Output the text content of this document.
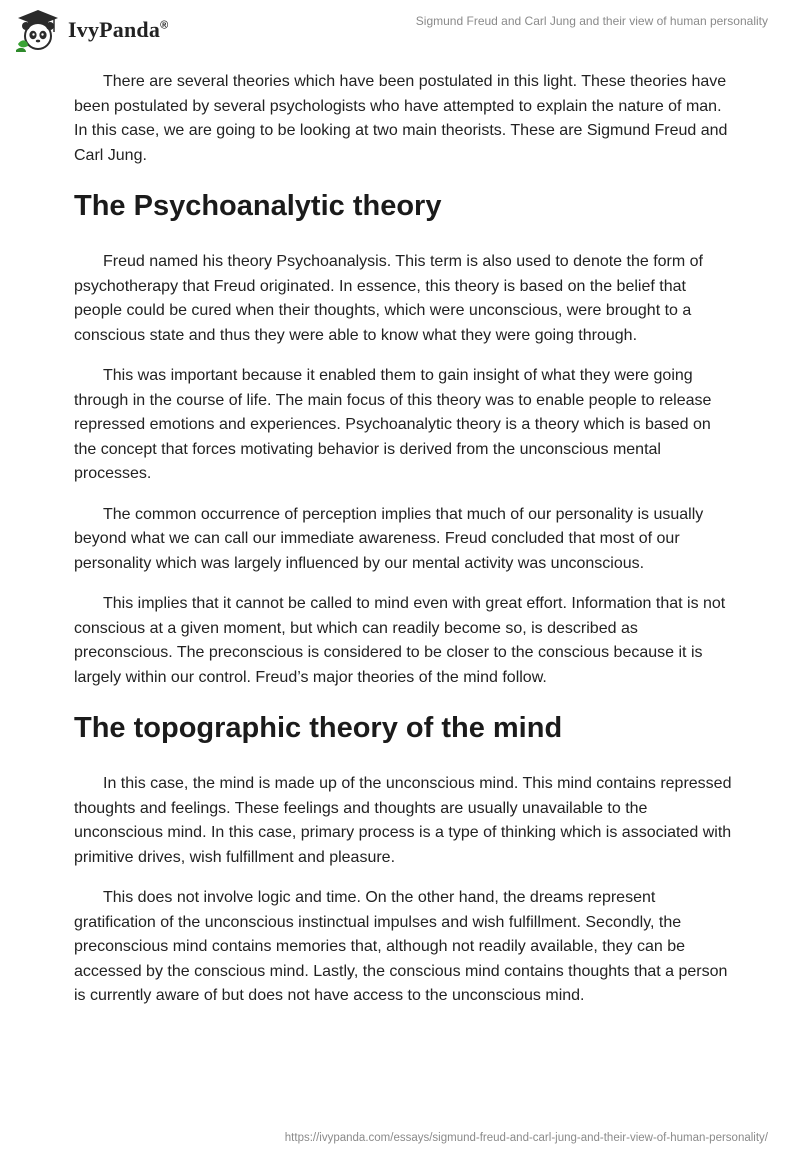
IvyPanda®	Sigmund Freud and Carl Jung and their view of human personality

There are several theories which have been postulated in this light. These theories have been postulated by several psychologists who have attempted to explain the nature of man. In this case, we are going to be looking at two main theorists. These are Sigmund Freud and Carl Jung.

The Psychoanalytic theory

Freud named his theory Psychoanalysis. This term is also used to denote the form of psychotherapy that Freud originated. In essence, this theory is based on the belief that people could be cured when their thoughts, which were unconscious, were brought to a conscious state and thus they were able to know what they were going through.

This was important because it enabled them to gain insight of what they were going through in the course of life. The main focus of this theory was to enable people to release repressed emotions and experiences. Psychoanalytic theory is a theory which is based on the concept that forces motivating behavior is derived from the unconscious mental processes.

The common occurrence of perception implies that much of our personality is usually beyond what we can call our immediate awareness. Freud concluded that most of our personality which was largely influenced by our mental activity was unconscious.

This implies that it cannot be called to mind even with great effort. Information that is not conscious at a given moment, but which can readily become so, is described as preconscious. The preconscious is considered to be closer to the conscious because it is largely within our control. Freud’s major theories of the mind follow.

The topographic theory of the mind

In this case, the mind is made up of the unconscious mind. This mind contains repressed thoughts and feelings. These feelings and thoughts are usually unavailable to the unconscious mind. In this case, primary process is a type of thinking which is associated with primitive drives, wish fulfillment and pleasure.

This does not involve logic and time. On the other hand, the dreams represent gratification of the unconscious instinctual impulses and wish fulfillment. Secondly, the preconscious mind contains memories that, although not readily available, they can be accessed by the conscious mind. Lastly, the conscious mind contains thoughts that a person is currently aware of but does not have access to the unconscious mind.

https://ivypanda.com/essays/sigmund-freud-and-carl-jung-and-their-view-of-human-personality/
